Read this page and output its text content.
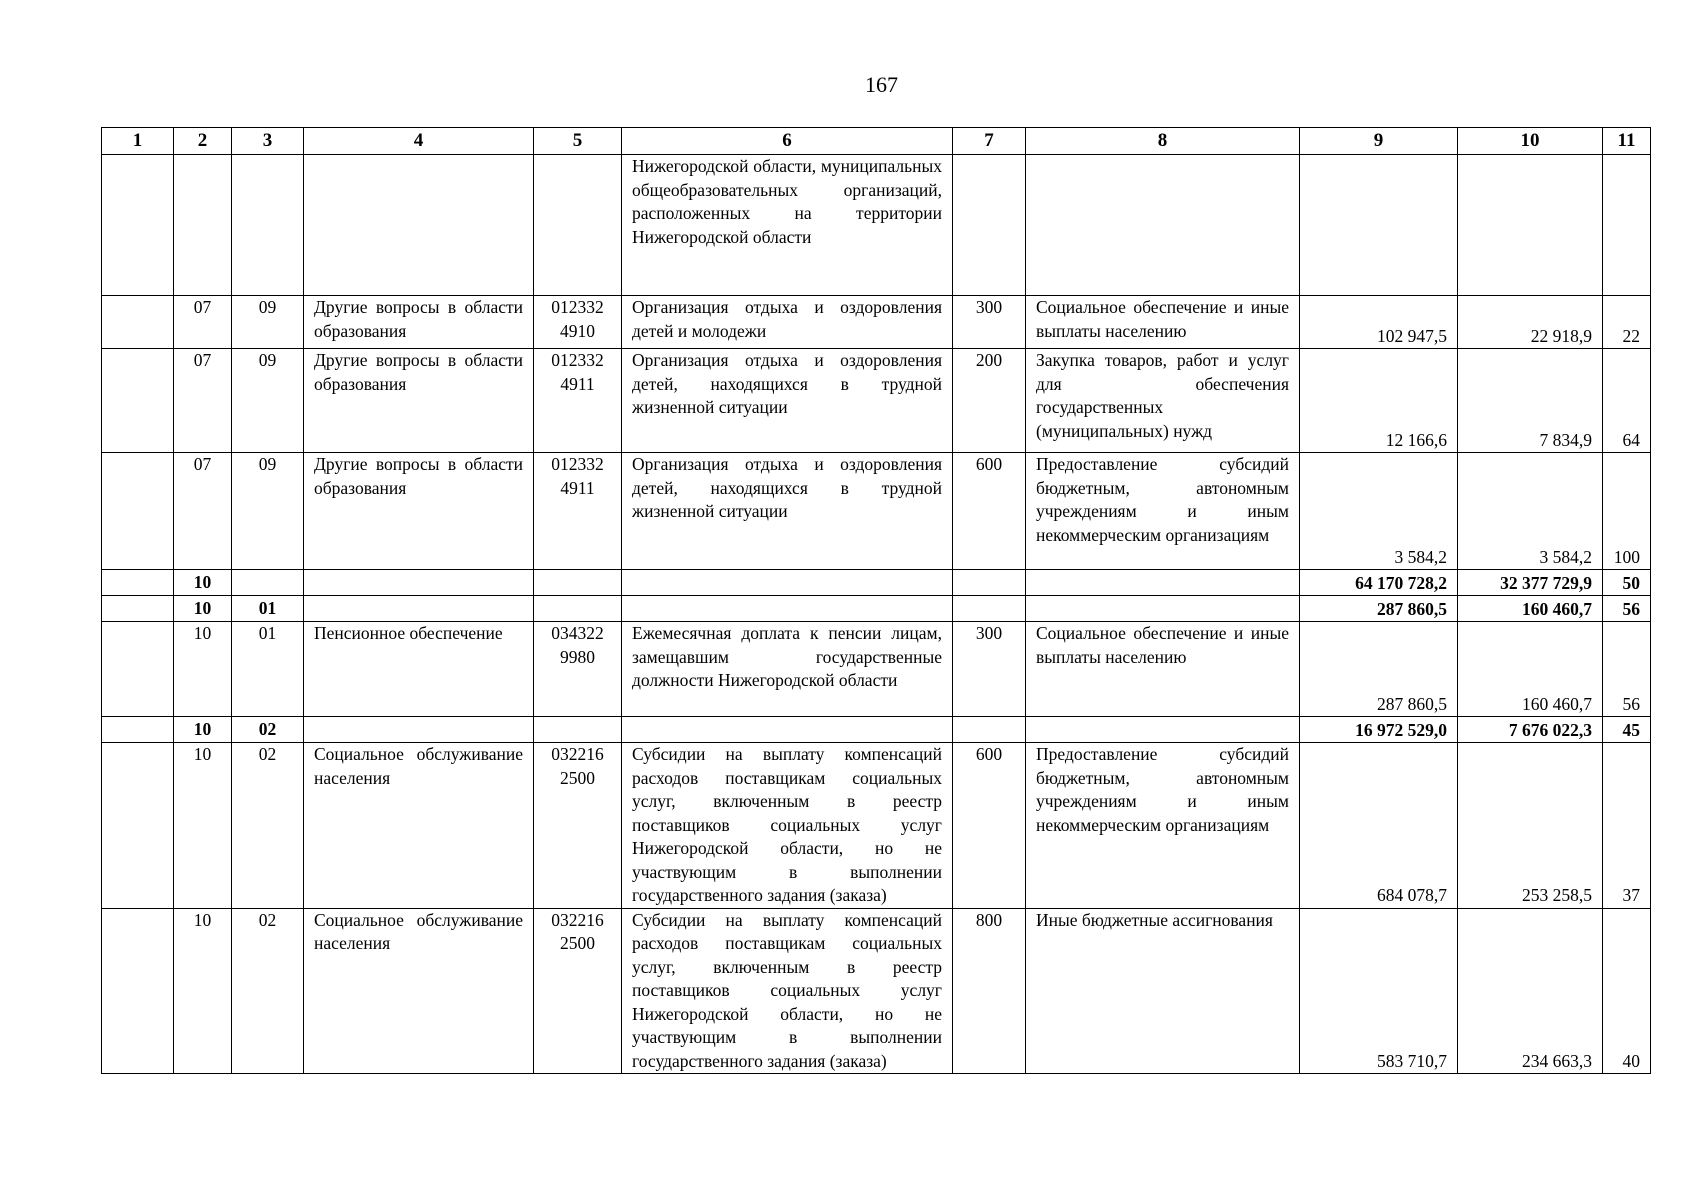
167
1	2	3	4	5	6	7	8	9	10	11
					Нижегородской области, муниципальных общеобразовательных организаций, расположенных на территории Нижегородской области					
	07	09	Другие вопросы в области образования	012332 4910	Организация отдыха и оздоровления детей и молодежи	300	Социальное обеспечение и иные выплаты населению	102 947,5	22 918,9	22
	07	09	Другие вопросы в области образования	012332 4911	Организация отдыха и оздоровления детей, находящихся в трудной жизненной ситуации	200	Закупка товаров, работ и услуг для обеспечения государственных (муниципальных) нужд	12 166,6	7 834,9	64
	07	09	Другие вопросы в области образования	012332 4911	Организация отдыха и оздоровления детей, находящихся в трудной жизненной ситуации	600	Предоставление субсидий бюджетным, автономным учреждениям и иным некоммерческим организациям	3 584,2	3 584,2	100
	10							64 170 728,2	32 377 729,9	50
	10	01						287 860,5	160 460,7	56
	10	01	Пенсионное обеспечение	034322 9980	Ежемесячная доплата к пенсии лицам, замещавшим государственные должности Нижегородской области	300	Социальное обеспечение и иные выплаты населению	287 860,5	160 460,7	56
	10	02						16 972 529,0	7 676 022,3	45
	10	02	Социальное обслуживание населения	032216 2500	Субсидии на выплату компенсаций расходов поставщикам социальных услуг, включенным в реестр поставщиков социальных услуг Нижегородской области, но не участвующим в выполнении государственного задания (заказа)	600	Предоставление субсидий бюджетным, автономным учреждениям и иным некоммерческим организациям	684 078,7	253 258,5	37
	10	02	Социальное обслуживание населения	032216 2500	Субсидии на выплату компенсаций расходов поставщикам социальных услуг, включенным в реестр поставщиков социальных услуг Нижегородской области, но не участвующим в выполнении государственного задания (заказа)	800	Иные бюджетные ассигнования	583 710,7	234 663,3	40
